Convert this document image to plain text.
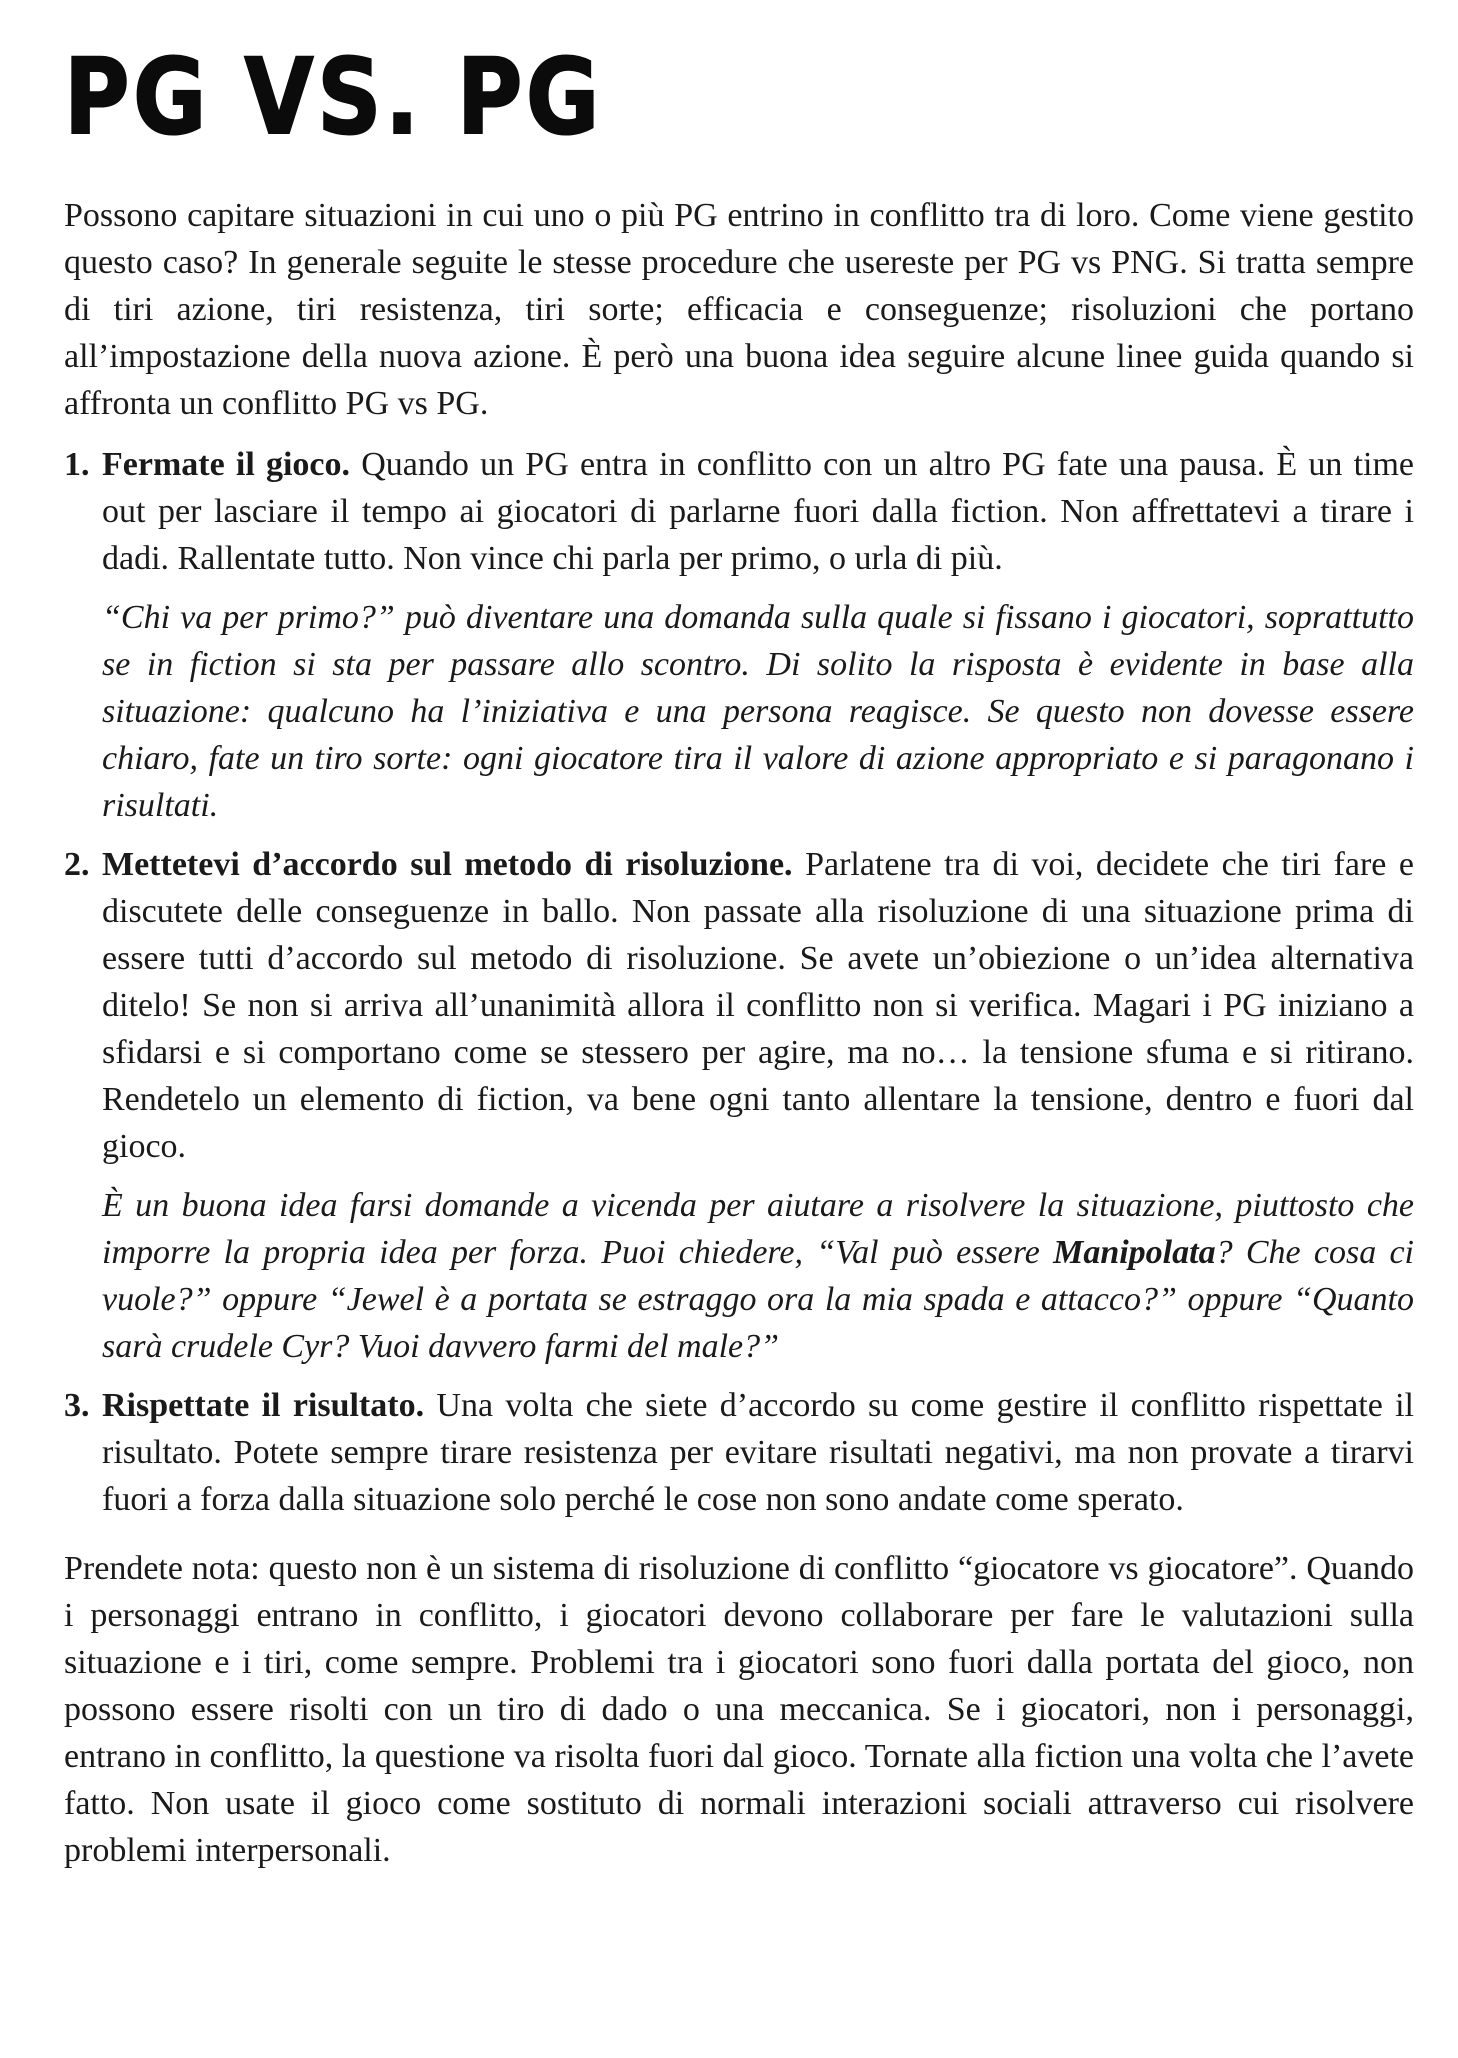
PG VS. PG

Possono capitare situazioni in cui uno o più PG entrino in conflitto tra di loro. Come viene gestito questo caso? In generale seguite le stesse procedure che usereste per PG vs PNG. Si tratta sempre di tiri azione, tiri resistenza, tiri sorte; efficacia e conseguenze; risoluzioni che portano all’impostazione della nuova azione. È però una buona idea seguire alcune linee guida quando si affronta un conflitto PG vs PG.

1. Fermate il gioco. Quando un PG entra in conflitto con un altro PG fate una pausa. È un time out per lasciare il tempo ai giocatori di parlarne fuori dalla fiction. Non affrettatevi a tirare i dadi. Rallentate tutto. Non vince chi parla per primo, o urla di più.

“Chi va per primo?” può diventare una domanda sulla quale si fissano i giocatori, soprattutto se in fiction si sta per passare allo scontro. Di solito la risposta è evidente in base alla situazione: qualcuno ha l’iniziativa e una persona reagisce. Se questo non dovesse essere chiaro, fate un tiro sorte: ogni giocatore tira il valore di azione appropriato e si paragonano i risultati.

2. Mettetevi d’accordo sul metodo di risoluzione. Parlatene tra di voi, decidete che tiri fare e discutete delle conseguenze in ballo. Non passate alla risoluzione di una situazione prima di essere tutti d’accordo sul metodo di risoluzione. Se avete un’obiezione o un’idea alternativa ditelo! Se non si arriva all’unanimità allora il conflitto non si verifica. Magari i PG iniziano a sfidarsi e si comportano come se stessero per agire, ma no… la tensione sfuma e si ritirano. Rendetelo un elemento di fiction, va bene ogni tanto allentare la tensione, dentro e fuori dal gioco.

È un buona idea farsi domande a vicenda per aiutare a risolvere la situazione, piuttosto che imporre la propria idea per forza. Puoi chiedere, “Val può essere Manipolata? Che cosa ci vuole?” oppure “Jewel è a portata se estraggo ora la mia spada e attacco?” oppure “Quanto sarà crudele Cyr? Vuoi davvero farmi del male?”

3. Rispettate il risultato. Una volta che siete d’accordo su come gestire il conflitto rispettate il risultato. Potete sempre tirare resistenza per evitare risultati negativi, ma non provate a tirarvi fuori a forza dalla situazione solo perché le cose non sono andate come sperato.

Prendete nota: questo non è un sistema di risoluzione di conflitto “giocatore vs giocatore”. Quando i personaggi entrano in conflitto, i giocatori devono collaborare per fare le valutazioni sulla situazione e i tiri, come sempre. Problemi tra i giocatori sono fuori dalla portata del gioco, non possono essere risolti con un tiro di dado o una meccanica. Se i giocatori, non i personaggi, entrano in conflitto, la questione va risolta fuori dal gioco. Tornate alla fiction una volta che l’avete fatto. Non usate il gioco come sostituto di normali interazioni sociali attraverso cui risolvere problemi interpersonali.
